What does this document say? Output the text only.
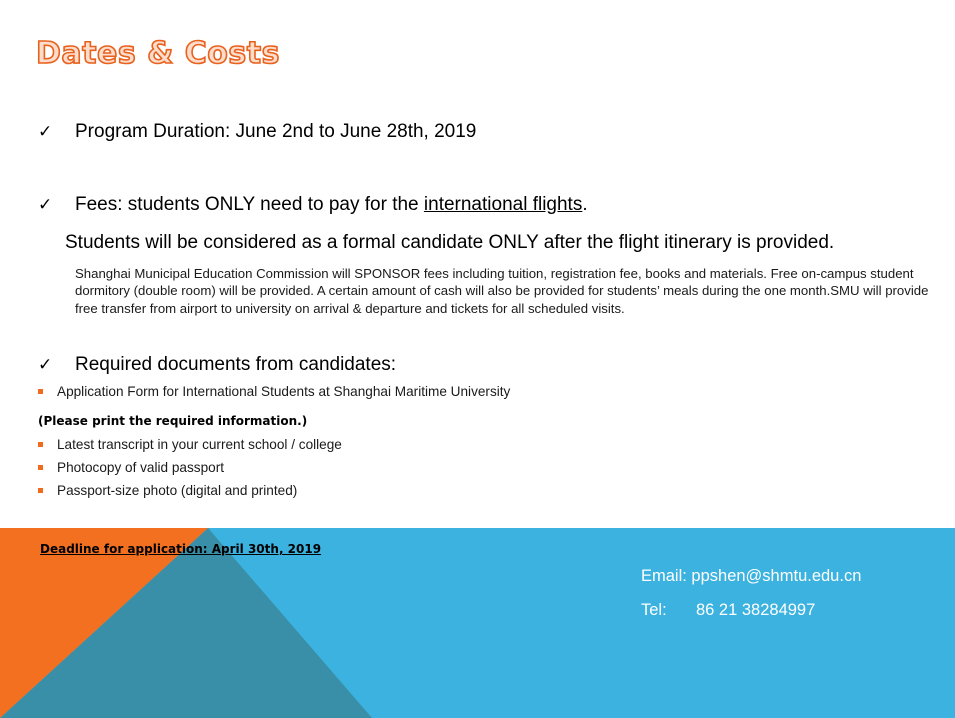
Dates & Costs
✓	Program Duration: June 2nd to June 28th, 2019
✓	Fees: students ONLY need to pay for the international flights.

Students will be considered as a formal candidate ONLY after the flight itinerary is provided.

Shanghai Municipal Education Commission will SPONSOR fees including tuition, registration fee, books and materials. Free on-campus student dormitory (double room) will be provided. A certain amount of cash will also be provided for students’ meals during the one month.SMU will provide free transfer from airport to university on arrival & departure and tickets for all scheduled visits.

✓	Required documents from candidates:
Application Form for International Students at Shanghai Maritime University

(Please print the required information.)

Latest transcript in your current school / college
Photocopy of valid passport
Passport-size photo (digital and printed)

Deadline for application: April 30th, 2019

Email: ppshen@shmtu.edu.cn
Tel: 86 21 38284997
